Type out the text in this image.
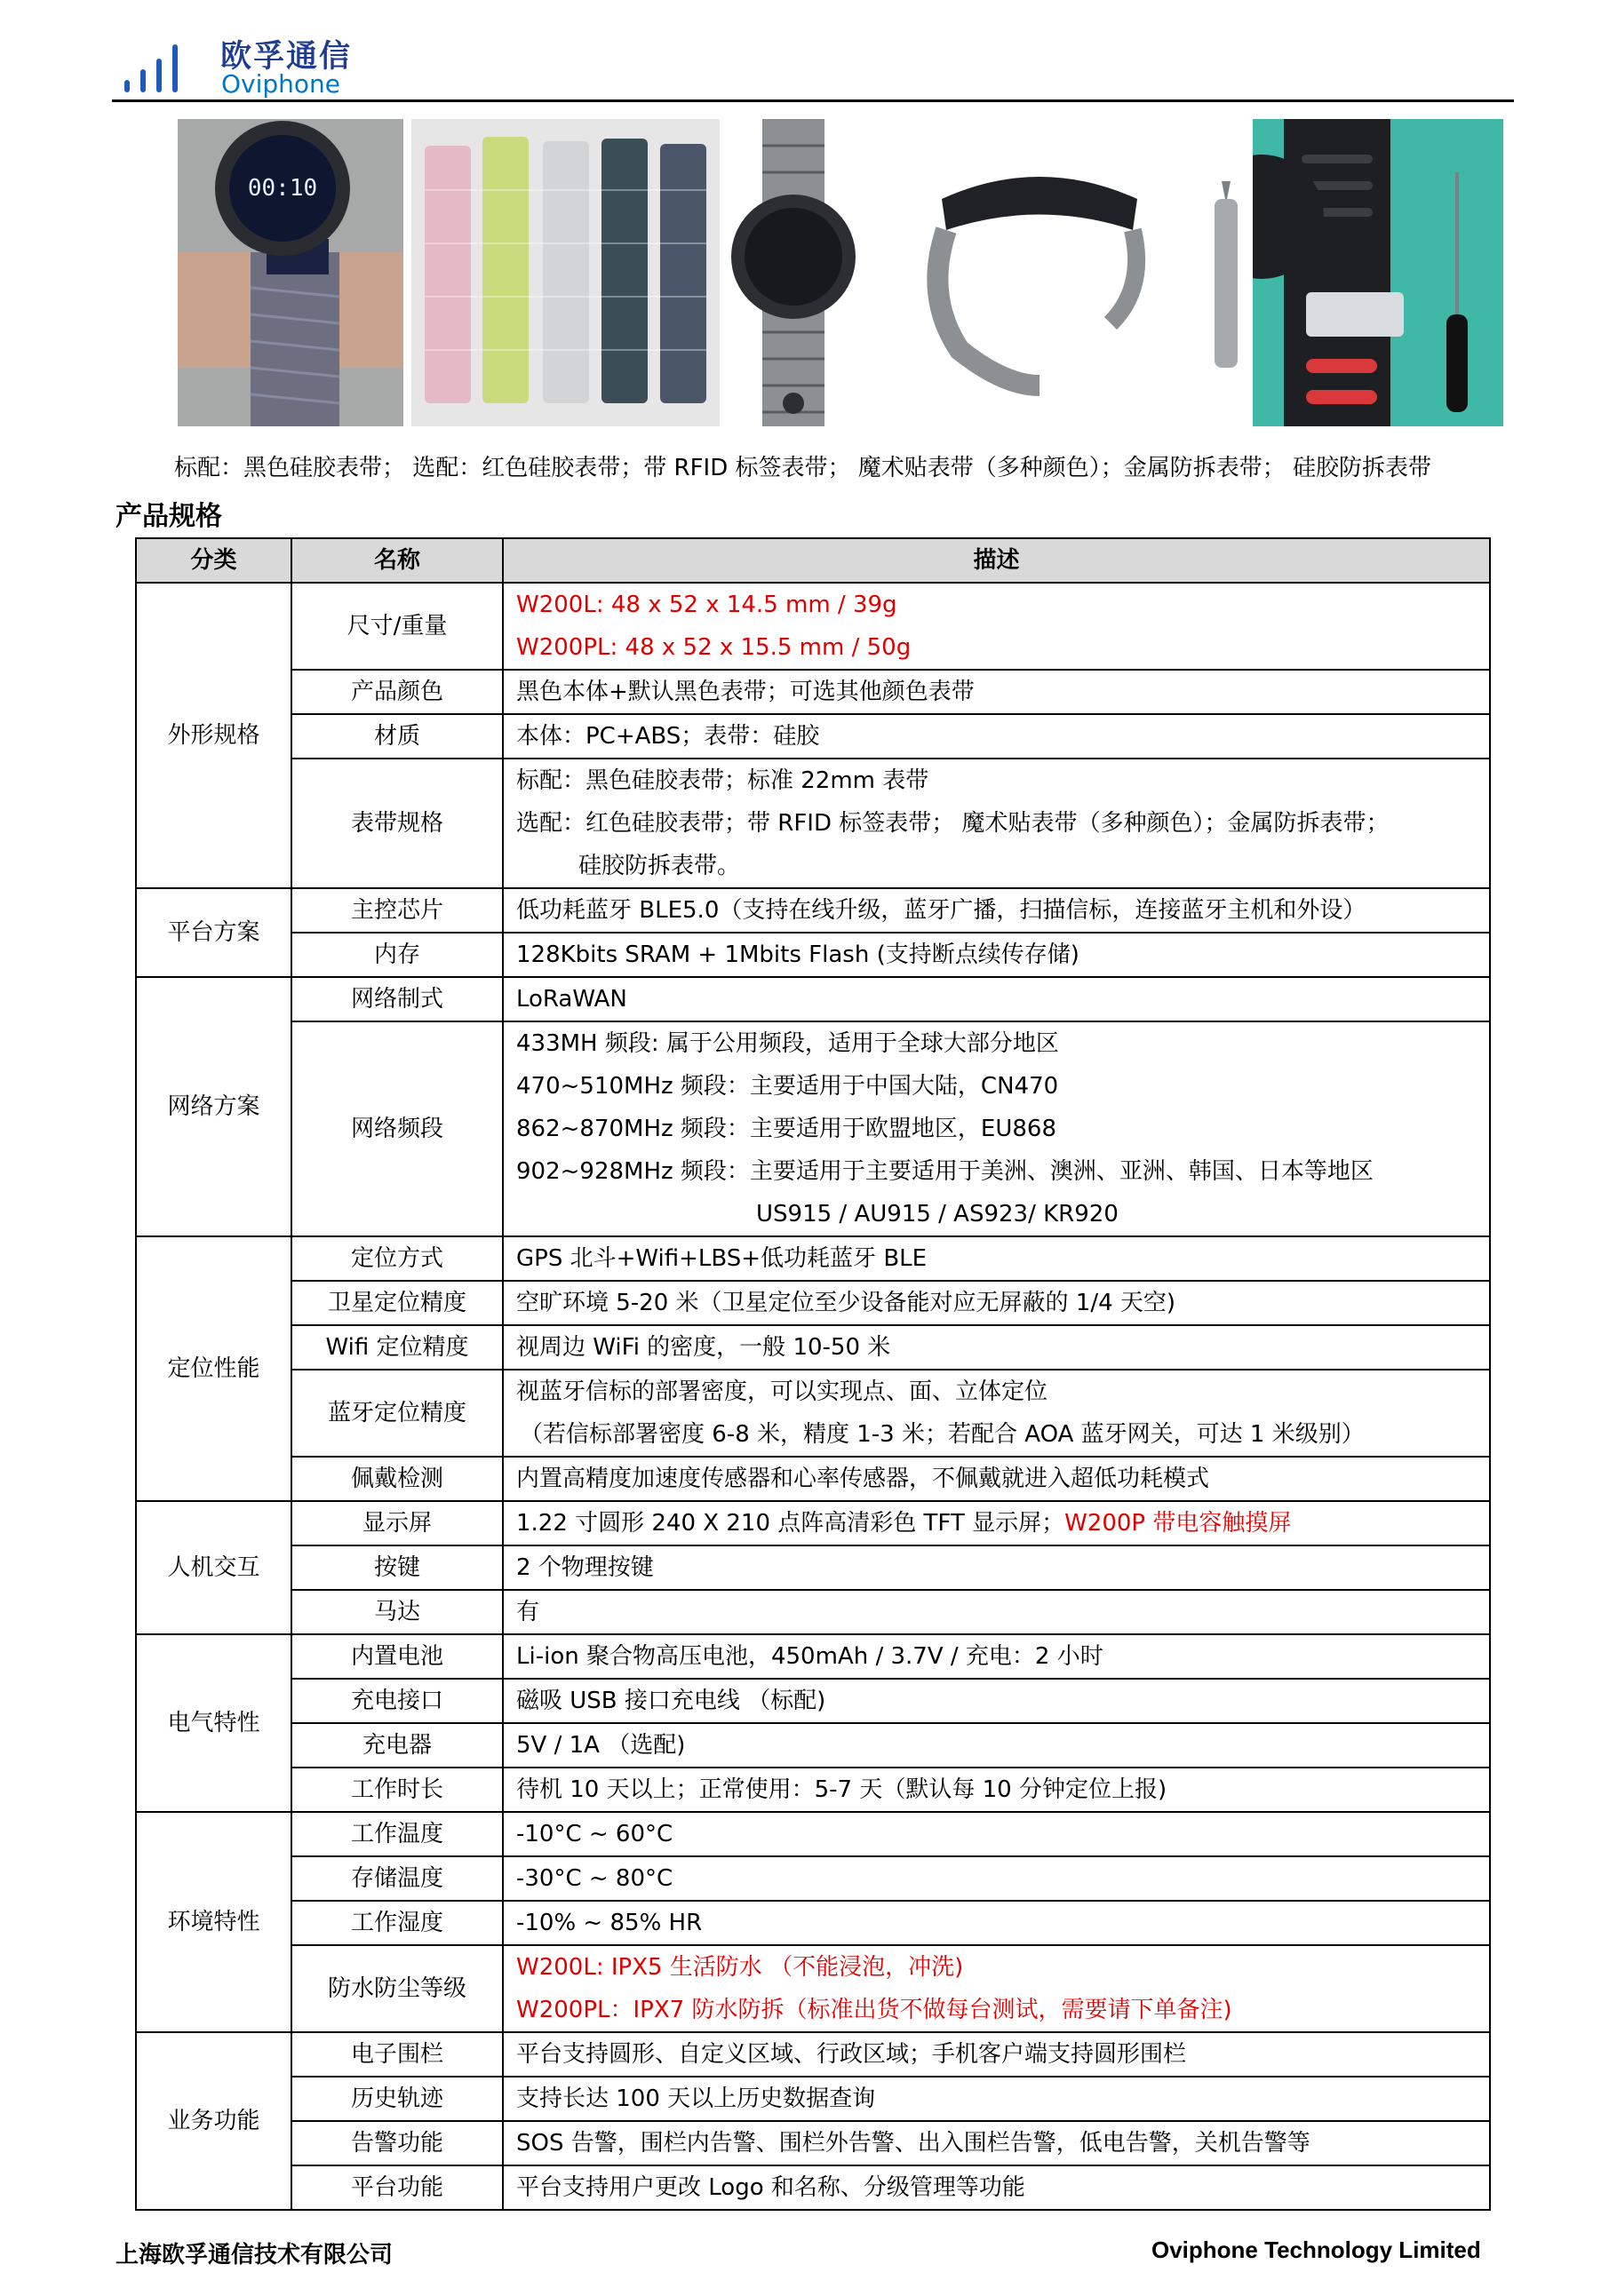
欧孚通信
Oviphone
00:10
标配：黑色硅胶表带； 选配：红色硅胶表带；带 RFID 标签表带； 魔术贴表带（多种颜色）；金属防拆表带； 硅胶防拆表带
产品规格
分类	名称	描述
外形规格	尺寸/重量	W200L: 48 x 52 x 14.5 mm / 39g
W200PL: 48 x 52 x 15.5 mm / 50g

	产品颜色	黑色本体+默认黑色表带；可选其他颜色表带

	材质	本体：PC+ABS；表带：硅胶

	表带规格	标配：黑色硅胶表带；标准 22mm 表带
选配：红色硅胶表带；带 RFID 标签表带； 魔术贴表带（多种颜色）；金属防拆表带；
硅胶防拆表带。

平台方案	主控芯片	低功耗蓝牙 BLE5.0（支持在线升级，蓝牙广播，扫描信标，连接蓝牙主机和外设）

	内存	128Kbits SRAM + 1Mbits Flash (支持断点续传存储)

网络方案	网络制式	LoRaWAN

	网络频段	433MH 频段: 属于公用频段，适用于全球大部分地区
470~510MHz 频段：主要适用于中国大陆，CN470
862~870MHz 频段：主要适用于欧盟地区，EU868
902~928MHz 频段：主要适用于主要适用于美洲、澳洲、亚洲、韩国、日本等地区
US915 / AU915 / AS923/ KR920

定位性能	定位方式	GPS 北斗+Wifi+LBS+低功耗蓝牙 BLE

	卫星定位精度	空旷环境 5-20 米（卫星定位至少设备能对应无屏蔽的 1/4 天空)

	Wifi 定位精度	视周边 WiFi 的密度，一般 10-50 米

	蓝牙定位精度	视蓝牙信标的部署密度，可以实现点、面、立体定位
（若信标部署密度 6-8 米，精度 1-3 米；若配合 AOA 蓝牙网关，可达 1 米级别）

	佩戴检测	内置高精度加速度传感器和心率传感器，不佩戴就进入超低功耗模式

人机交互	显示屏	1.22 寸圆形 240 X 210 点阵高清彩色 TFT 显示屏；W200P 带电容触摸屏

	按键	2 个物理按键

	马达	有

电气特性	内置电池	Li-ion 聚合物高压电池，450mAh / 3.7V / 充电：2 小时

	充电接口	磁吸 USB 接口充电线 （标配)

	充电器	5V / 1A （选配)

	工作时长	待机 10 天以上；正常使用：5-7 天（默认每 10 分钟定位上报)

环境特性	工作温度	-10°C ~ 60°C

	存储温度	-30°C ~ 80°C

	工作湿度	-10% ~ 85% HR

	防水防尘等级	W200L: IPX5 生活防水 （不能浸泡，冲洗)
W200PL：IPX7 防水防拆（标准出货不做每台测试，需要请下单备注)

业务功能	电子围栏	平台支持圆形、自定义区域、行政区域；手机客户端支持圆形围栏

	历史轨迹	支持长达 100 天以上历史数据查询

	告警功能	SOS 告警，围栏内告警、围栏外告警、出入围栏告警，低电告警，关机告警等

	平台功能	平台支持用户更改 Logo 和名称、分级管理等功能
上海欧孚通信技术有限公司	Oviphone Technology Limited
